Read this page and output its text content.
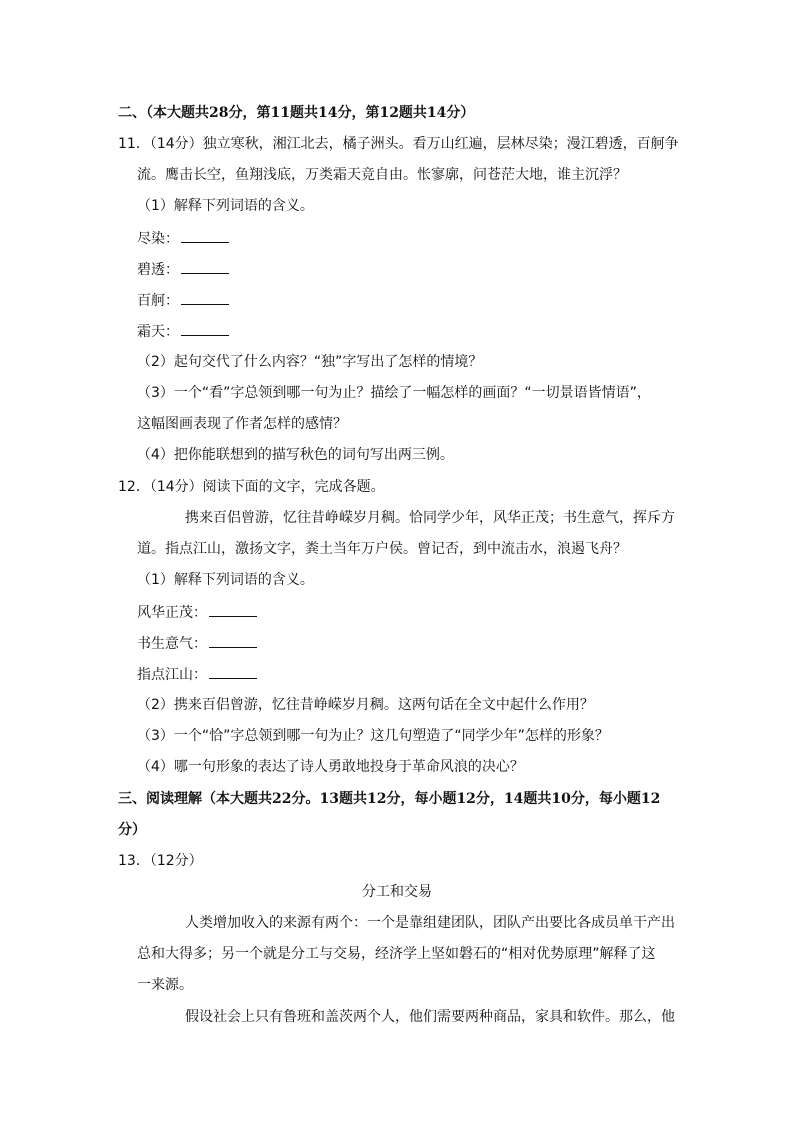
二、（本大题共28分，第11题共14分，第12题共14分）
11．（14分）独立寒秋，湘江北去，橘子洲头。看万山红遍，层林尽染；漫江碧透，百舸争
流。鹰击长空，鱼翔浅底，万类霜天竞自由。怅寥廓，问苍茫大地，谁主沉浮？
（1）解释下列词语的含义。
尽染：
碧透：
百舸：
霜天：
（2）起句交代了什么内容？“独”字写出了怎样的情境？
（3）一个“看”字总领到哪一句为止？描绘了一幅怎样的画面？“一切景语皆情语”，
这幅图画表现了作者怎样的感情？
（4）把你能联想到的描写秋色的词句写出两三例。
12．（14分）阅读下面的文字，完成各题。
携来百侣曾游，忆往昔峥嵘岁月稠。恰同学少年，风华正茂；书生意气，挥斥方
道。指点江山，激扬文字，粪土当年万户侯。曾记否，到中流击水，浪遏飞舟？
（1）解释下列词语的含义。
风华正茂：
书生意气：
指点江山：
（2）携来百侣曾游，忆往昔峥嵘岁月稠。这两句话在全文中起什么作用？
（3）一个“恰”字总领到哪一句为止？这几句塑造了“同学少年”怎样的形象？
（4）哪一句形象的表达了诗人勇敢地投身于革命风浪的决心？
三、阅读理解（本大题共22分。13题共12分，每小题12分，14题共10分，每小题12
分）
13．（12分）
分工和交易
人类增加收入的来源有两个：一个是靠组建团队，团队产出要比各成员单干产出
总和大得多；另一个就是分工与交易，经济学上坚如磐石的“相对优势原理”解释了这
一来源。
假设社会上只有鲁班和盖茨两个人，他们需要两种商品，家具和软件。那么，他
